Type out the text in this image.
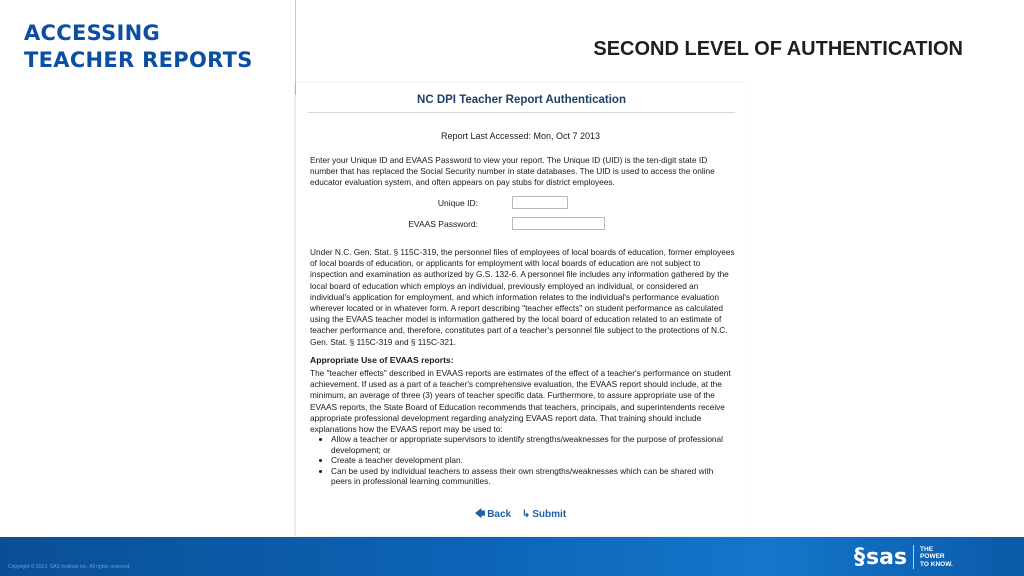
ACCESSING
TEACHER REPORTS	SECOND LEVEL OF AUTHENTICATION
NC DPI Teacher Report Authentication
Report Last Accessed: Mon, Oct 7 2013

Enter your Unique ID and EVAAS Password to view your report. The Unique ID (UID) is the ten-digit state ID number that has replaced the Social Security number in state databases. The UID is used to access the online educator evaluation system, and often appears on pay stubs for district employees.

Unique ID:
EVAAS Password:

Under N.C. Gen. Stat. § 115C-319, the personnel files of employees of local boards of education, former employees of local boards of education, or applicants for employment with local boards of education are not subject to inspection and examination as authorized by G.S. 132-6. A personnel file includes any information gathered by the local board of education which employs an individual, previously employed an individual, or considered an individual's application for employment, and which information relates to the individual's performance evaluation wherever located or in whatever form. A report describing "teacher effects" on student performance as calculated using the EVAAS teacher model is information gathered by the local board of education related to an estimate of teacher performance and, therefore, constitutes part of a teacher's personnel file subject to the protections of N.C. Gen. Stat. § 115C-319 and § 115C-321.

Appropriate Use of EVAAS reports:

The "teacher effects" described in EVAAS reports are estimates of the effect of a teacher's performance on student achievement. If used as a part of a teacher's comprehensive evaluation, the EVAAS report should include, at the minimum, an average of three (3) years of teacher specific data. Furthermore, to assure appropriate use of the EVAAS reports, the State Board of Education recommends that teachers, principals, and superintendents receive appropriate professional development regarding analyzing EVAAS report data. That training should include explanations how the EVAAS report may be used to:

• Allow a teacher or appropriate supervisors to identify strengths/weaknesses for the purpose of professional development; or
• Create a teacher development plan.
• Can be used by individual teachers to assess their own strengths/weaknesses which can be shared with peers in professional learning communities.
🡄 Back ↳ Submit
Copyright © 2013, SAS Institute Inc. All rights reserved.	§sas THE
POWER
TO KNOW.
